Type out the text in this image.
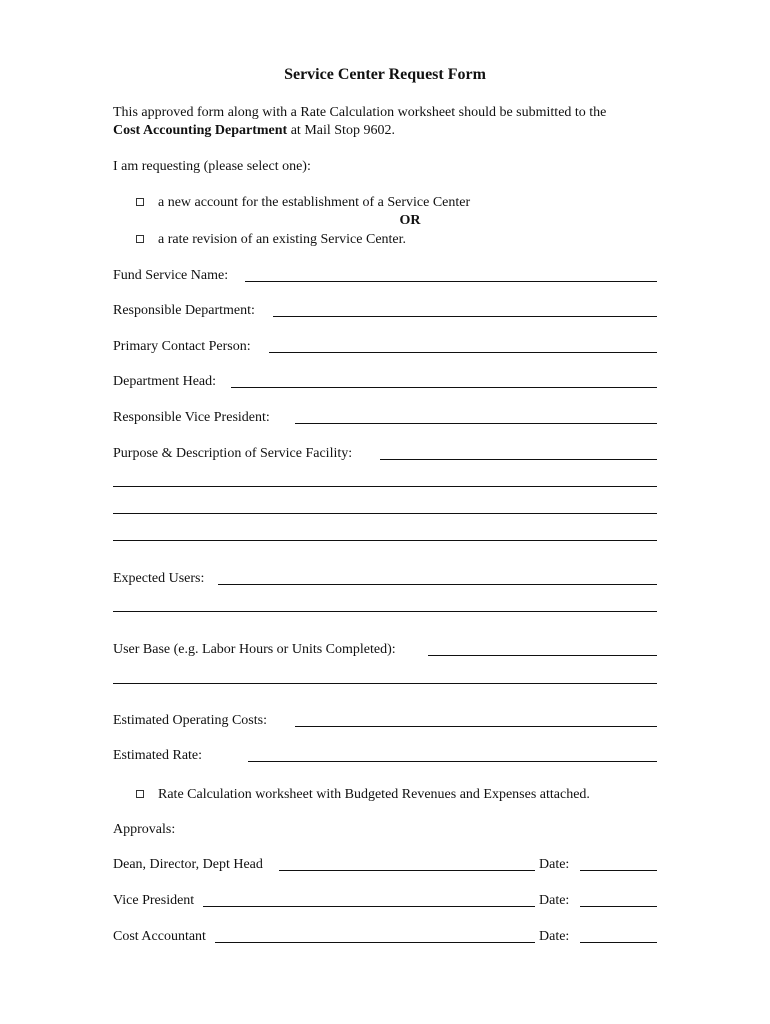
Service Center Request Form
This approved form along with a Rate Calculation worksheet should be submitted to the
Cost Accounting Department at Mail Stop 9602.
I am requesting (please select one):
a new account for the establishment of a Service Center
OR
a rate revision of an existing Service Center.
Fund Service Name:
Responsible Department:
Primary Contact Person:
Department Head:
Responsible Vice President:
Purpose & Description of Service Facility:
Expected Users:
User Base (e.g. Labor Hours or Units Completed):
Estimated Operating Costs:
Estimated Rate:
Rate Calculation worksheet with Budgeted Revenues and Expenses attached.
Approvals:
Dean, Director, Dept Head	Date:
Vice President	Date:
Cost Accountant	Date:
